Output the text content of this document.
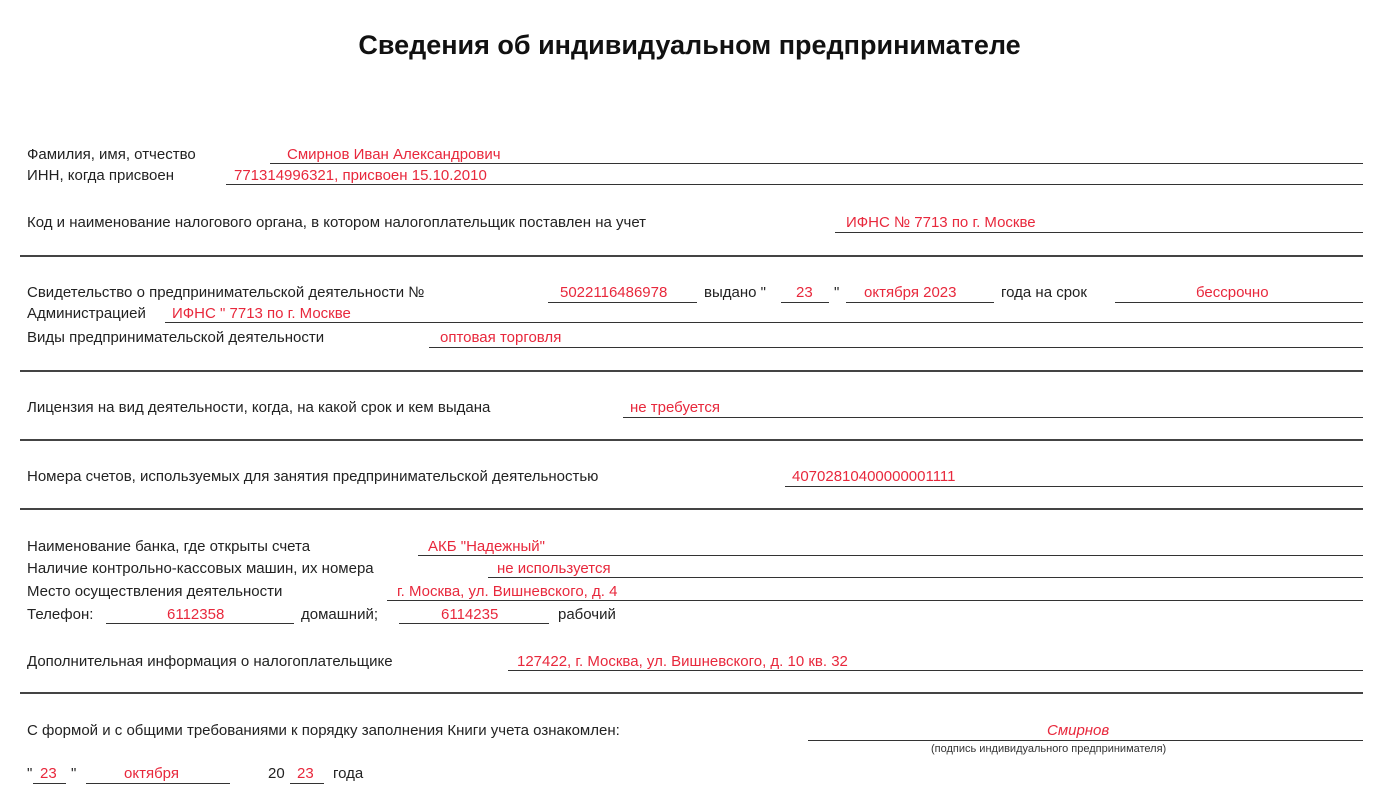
Сведения об индивидуальном предпринимателе
Фамилия, имя, отчество	Смирнов Иван Александрович
ИНН, когда присвоен	771314996321, присвоен 15.10.2010
Код и наименование налогового органа, в котором налогоплательщик поставлен на учет	ИФНС № 7713 по г. Москве
Свидетельство о предпринимательской деятельности №	5022116486978 выдано " 23 " октября 2023	года на срок	бессрочно
Администрацией ИФНС " 7713 по г. Москве
Виды предпринимательской деятельности	оптовая торговля
Лицензия на вид деятельности, когда, на какой срок и кем выдана	не требуется
Номера счетов, используемых для занятия предпринимательской деятельностью	40702810400000001111
Наименование банка, где открыты счета	АКБ "Надежный"
Наличие контрольно-кассовых машин, их номера	не используется
Место осуществления деятельности	г. Москва, ул. Вишневского, д. 4
Телефон:	6112358	домашний;	6114235	рабочий
Дополнительная информация о налогоплательщике	127422, г. Москва, ул. Вишневского, д. 10 кв. 32
С формой и с общими требованиями к порядку заполнения Книги учета ознакомлен:	Смирнов
(подпись индивидуального предпринимателя)
" 23 "	октября	20 23 года
